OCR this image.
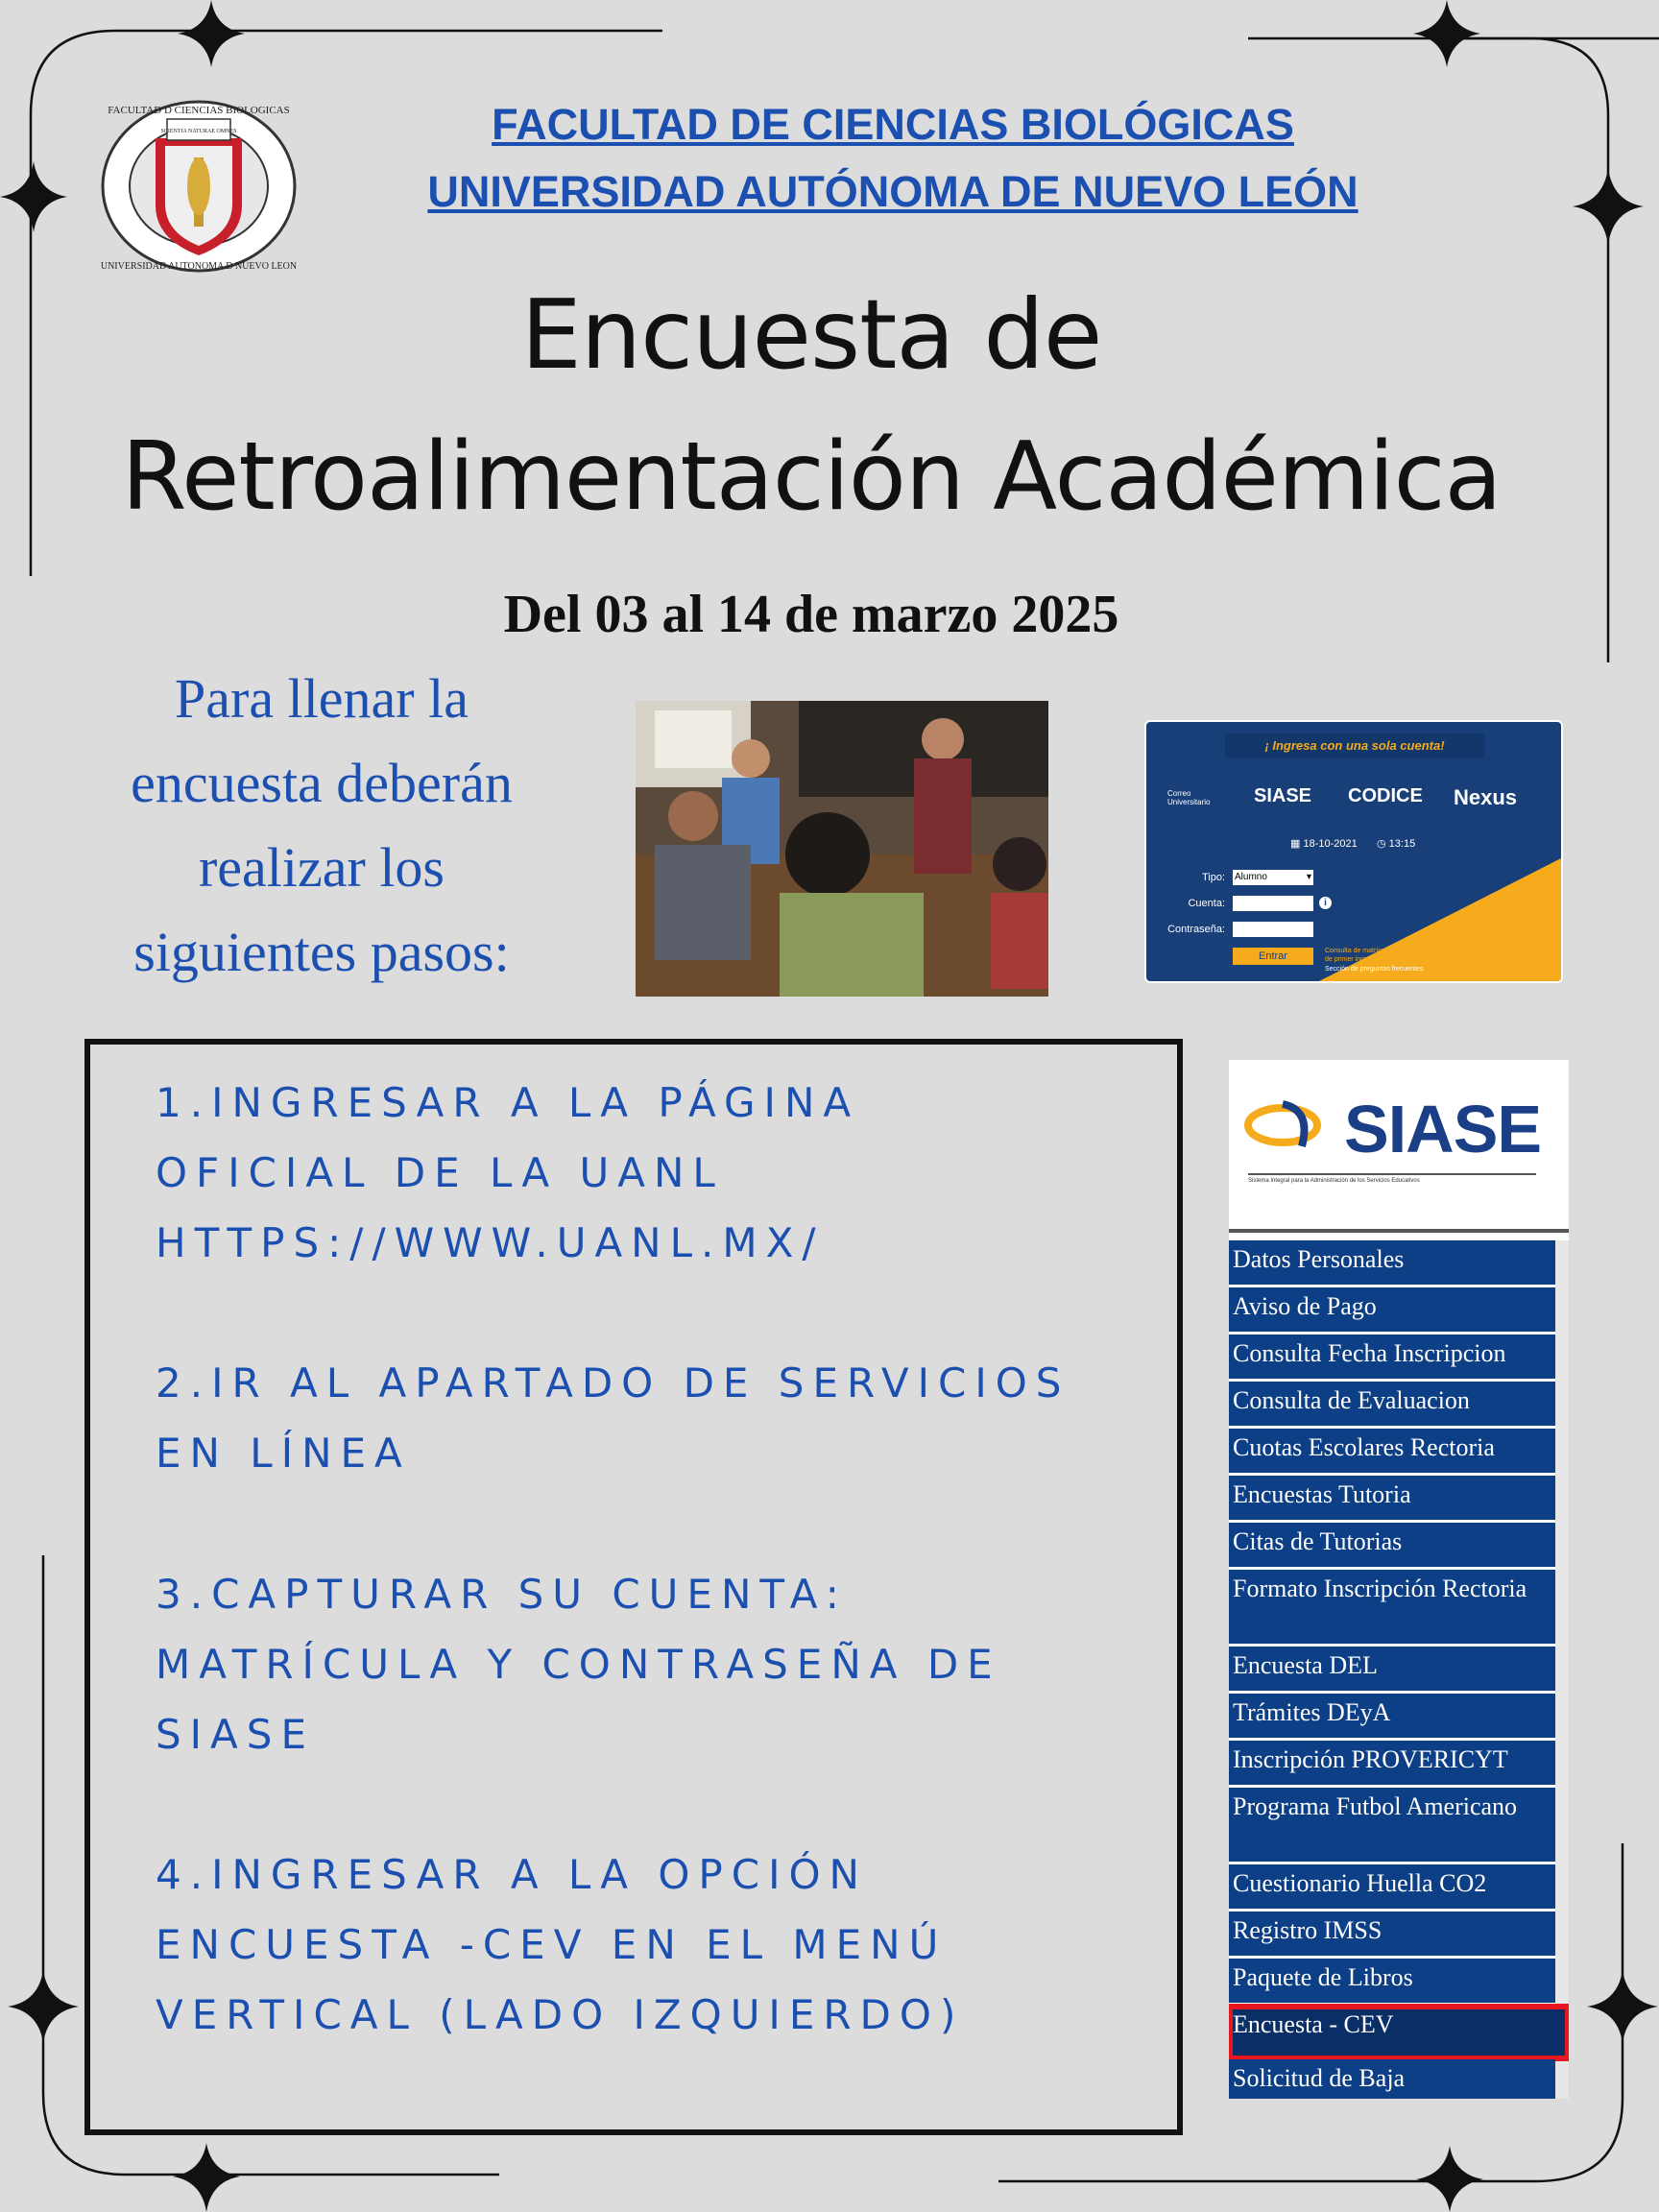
FACULTAD D CIENCIAS BIOLOGICAS
UNIVERSIDAD AUTONOMA D NUEVO LEON
SCIENTIA NATURAE OMNES	FACULTAD DE CIENCIAS BIOLÓGICAS
UNIVERSIDAD AUTÓNOMA DE NUEVO LEÓN
Encuesta de
Retroalimentación Académica
Del 03 al 14 de marzo 2025
Para llenar la
encuesta deberán
realizar los
siguientes pasos:
¡ Ingresa con una sola cuenta!
Correo Universitario	SIASE CODICE Nexus
▦ 18-10-2021 ◷ 13:15
Tipo: Alumno	▾
Cuenta:	i
Contraseña:
Entrar	Consulta de matrícula para alumnos de primer ingreso.
Sección de preguntas frecuentes

1.INGRESAR A LA PÁGINA
OFICIAL DE LA UANL
HTTPS://WWW.UANL.MX/

2.IR AL APARTADO DE SERVICIOS
EN LÍNEA

3.CAPTURAR SU CUENTA:
MATRÍCULA Y CONTRASEÑA DE
SIASE

4.INGRESAR A LA OPCIÓN
ENCUESTA -CEV EN EL MENÚ
VERTICAL (LADO IZQUIERDO)

SIASE
Sistema Integral para la Administración de los Servicios Educativos
Datos Personales
Aviso de Pago
Consulta Fecha Inscripcion
Consulta de Evaluacion
Cuotas Escolares Rectoria
Encuestas Tutoria
Citas de Tutorias
Formato Inscripción Rectoria
Encuesta DEL
Trámites DEyA
Inscripción PROVERICYT
Programa Futbol Americano
Cuestionario Huella CO2
Registro IMSS
Paquete de Libros
Encuesta - CEV
Solicitud de Baja
